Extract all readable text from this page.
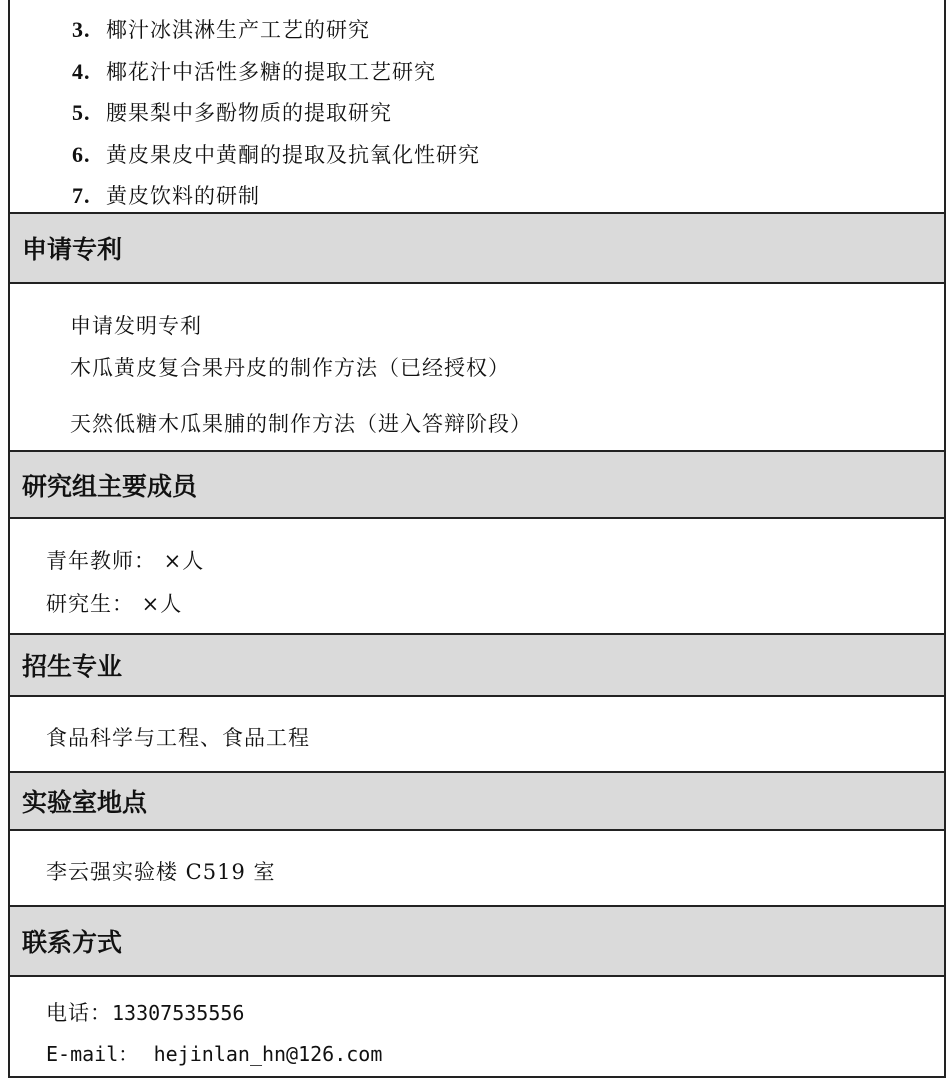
3. 椰汁冰淇淋生产工艺的研究
4. 椰花汁中活性多糖的提取工艺研究
5. 腰果梨中多酚物质的提取研究
6. 黄皮果皮中黄酮的提取及抗氧化性研究
7. 黄皮饮料的研制
申请专利
申请发明专利
木瓜黄皮复合果丹皮的制作方法（已经授权）
天然低糖木瓜果脯的制作方法（进入答辩阶段）
研究组主要成员
青年教师： ×人
研究生： ×人
招生专业
食品科学与工程、食品工程
实验室地点
李云强实验楼 C519 室
联系方式
电话：13307535556
E-mail： hejinlan_hn@126.com
